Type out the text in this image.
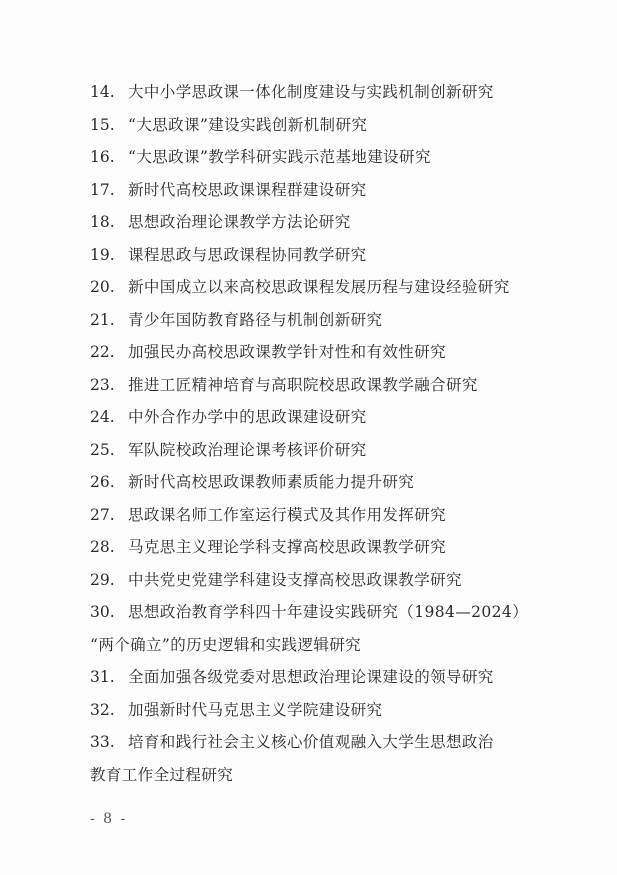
14. 大中小学思政课一体化制度建设与实践机制创新研究
15. “大思政课”建设实践创新机制研究
16. “大思政课”教学科研实践示范基地建设研究
17. 新时代高校思政课课程群建设研究
18. 思想政治理论课教学方法论研究
19. 课程思政与思政课程协同教学研究
20. 新中国成立以来高校思政课程发展历程与建设经验研究
21. 青少年国防教育路径与机制创新研究
22. 加强民办高校思政课教学针对性和有效性研究
23. 推进工匠精神培育与高职院校思政课教学融合研究
24. 中外合作办学中的思政课建设研究
25. 军队院校政治理论课考核评价研究
26. 新时代高校思政课教师素质能力提升研究
27. 思政课名师工作室运行模式及其作用发挥研究
28. 马克思主义理论学科支撑高校思政课教学研究
29. 中共党史党建学科建设支撑高校思政课教学研究
30. 思想政治教育学科四十年建设实践研究（1984—2024）
“两个确立”的历史逻辑和实践逻辑研究
31. 全面加强各级党委对思想政治理论课建设的领导研究
32. 加强新时代马克思主义学院建设研究
33. 培育和践行社会主义核心价值观融入大学生思想政治
教育工作全过程研究
- 8 -
